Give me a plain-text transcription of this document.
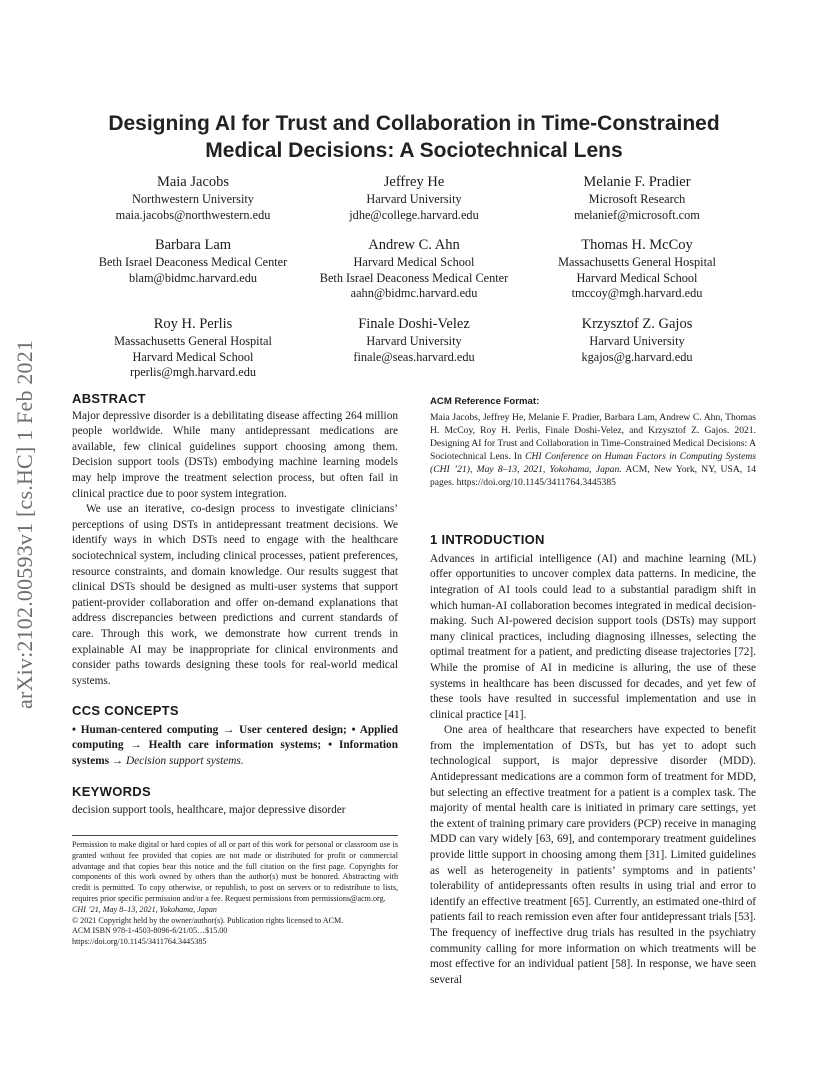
arXiv:2102.00593v1 [cs.HC] 1 Feb 2021
Designing AI for Trust and Collaboration in Time-Constrained
Medical Decisions: A Sociotechnical Lens
Maia Jacobs
Northwestern University
maia.jacobs@northwestern.edu
Jeffrey He
Harvard University
jdhe@college.harvard.edu
Melanie F. Pradier
Microsoft Research
melanief@microsoft.com
Barbara Lam
Beth Israel Deaconess Medical Center
blam@bidmc.harvard.edu
Andrew C. Ahn
Harvard Medical School
Beth Israel Deaconess Medical Center
aahn@bidmc.harvard.edu
Thomas H. McCoy
Massachusetts General Hospital
Harvard Medical School
tmccoy@mgh.harvard.edu
Roy H. Perlis
Massachusetts General Hospital
Harvard Medical School
rperlis@mgh.harvard.edu
Finale Doshi-Velez
Harvard University
finale@seas.harvard.edu
Krzysztof Z. Gajos
Harvard University
kgajos@g.harvard.edu
ABSTRACT

Major depressive disorder is a debilitating disease affecting 264 million people worldwide. While many antidepressant medications are available, few clinical guidelines support choosing among them. Decision support tools (DSTs) embodying machine learning models may help improve the treatment selection process, but often fail in clinical practice due to poor system integration.

We use an iterative, co-design process to investigate clinicians’ perceptions of using DSTs in antidepressant treatment decisions. We identify ways in which DSTs need to engage with the healthcare sociotechnical system, including clinical processes, patient preferences, resource constraints, and domain knowledge. Our results suggest that clinical DSTs should be designed as multi-user systems that support patient-provider collaboration and offer on-demand explanations that address discrepancies between predictions and current standards of care. Through this work, we demonstrate how current trends in explainable AI may be inappropriate for clinical environments and consider paths towards designing these tools for real-world medical systems.

CCS CONCEPTS

• Human-centered computing → User centered design; • Applied computing → Health care information systems; • Information systems → Decision support systems.

KEYWORDS

decision support tools, healthcare, major depressive disorder

Permission to make digital or hard copies of all or part of this work for personal or classroom use is granted without fee provided that copies are not made or distributed for profit or commercial advantage and that copies bear this notice and the full citation on the first page. Copyrights for components of this work owned by others than the author(s) must be honored. Abstracting with credit is permitted. To copy otherwise, or republish, to post on servers or to redistribute to lists, requires prior specific permission and/or a fee. Request permissions from permissions@acm.org.

CHI ’21, May 8–13, 2021, Yokohama, Japan

© 2021 Copyright held by the owner/author(s). Publication rights licensed to ACM.

ACM ISBN 978-1-4503-8096-6/21/05…$15.00

https://doi.org/10.1145/3411764.3445385

ACM Reference Format:
Maia Jacobs, Jeffrey He, Melanie F. Pradier, Barbara Lam, Andrew C. Ahn, Thomas H. McCoy, Roy H. Perlis, Finale Doshi-Velez, and Krzysztof Z. Gajos. 2021. Designing AI for Trust and Collaboration in Time-Constrained Medical Decisions: A Sociotechnical Lens. In CHI Conference on Human Factors in Computing Systems (CHI ’21), May 8–13, 2021, Yokohama, Japan. ACM, New York, NY, USA, 14 pages. https://doi.org/10.1145/3411764.3445385
1 INTRODUCTION

Advances in artificial intelligence (AI) and machine learning (ML) offer opportunities to uncover complex data patterns. In medicine, the integration of AI tools could lead to a substantial paradigm shift in which human-AI collaboration becomes integrated in medical decision-making. Such AI-powered decision support tools (DSTs) may support many clinical practices, including diagnosing illnesses, selecting the optimal treatment for a patient, and predicting disease trajectories [72]. While the promise of AI in medicine is alluring, the use of these systems in healthcare has been discussed for decades, and yet few of these tools have resulted in successful implementation and use in clinical practice [41].

One area of healthcare that researchers have expected to benefit from the implementation of DSTs, but has yet to adopt such technological support, is major depressive disorder (MDD). Antidepressant medications are a common form of treatment for MDD, but selecting an effective treatment for a patient is a complex task. The majority of mental health care is initiated in primary care settings, yet the extent of training primary care providers (PCP) receive in managing MDD can vary widely [63, 69], and contemporary treatment guidelines provide little support in choosing among them [31]. Limited guidelines as well as heterogeneity in patients’ symptoms and in patients’ tolerability of antidepressants often results in using trial and error to identify an effective treatment [65]. Currently, an estimated one-third of patients fail to reach remission even after four antidepressant trials [53]. The frequency of ineffective drug trials has resulted in the psychiatry community calling for more information on which treatments will be most effective for an individual patient [58]. In response, we have seen several
